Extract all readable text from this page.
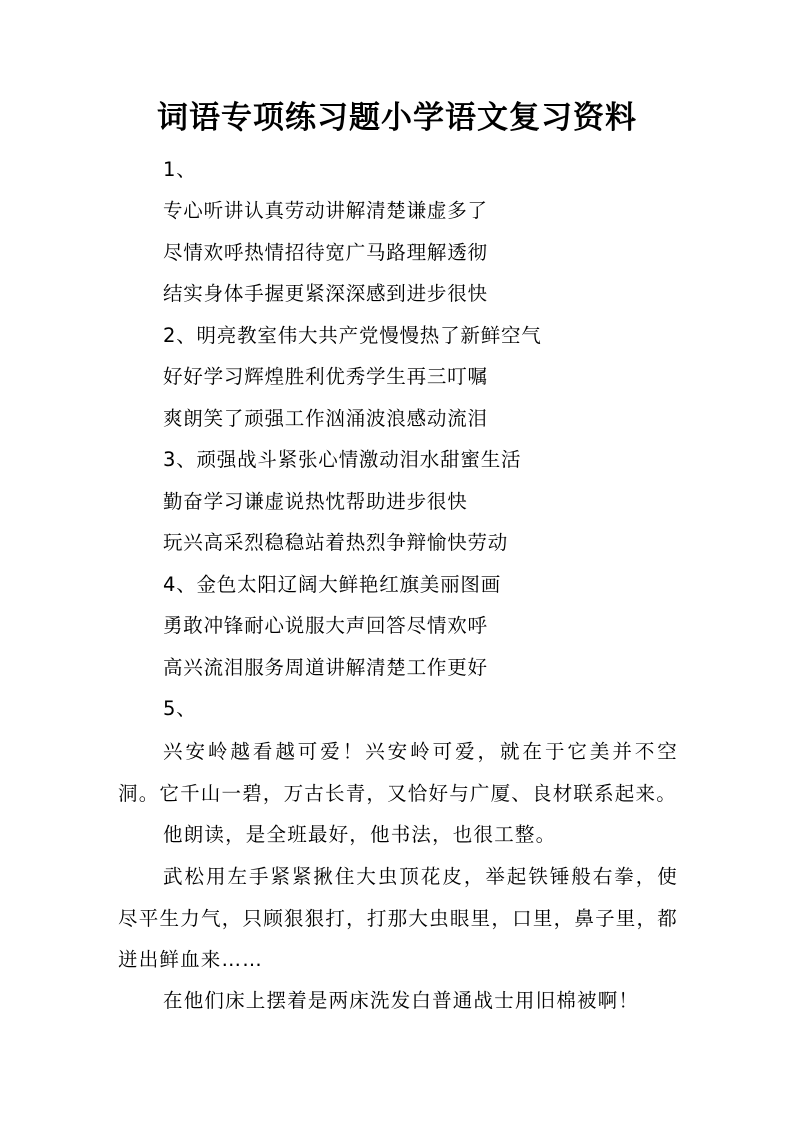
词语专项练习题小学语文复习资料
1、
专心听讲认真劳动讲解清楚谦虚多了
尽情欢呼热情招待宽广马路理解透彻
结实身体手握更紧深深感到进步很快
2、明亮教室伟大共产党慢慢热了新鲜空气
好好学习辉煌胜利优秀学生再三叮嘱
爽朗笑了顽强工作汹涌波浪感动流泪
3、顽强战斗紧张心情激动泪水甜蜜生活
勤奋学习谦虚说热忱帮助进步很快
玩兴高采烈稳稳站着热烈争辩愉快劳动
4、金色太阳辽阔大鲜艳红旗美丽图画
勇敢冲锋耐心说服大声回答尽情欢呼
高兴流泪服务周道讲解清楚工作更好
5、

兴安岭越看越可爱！兴安岭可爱，就在于它美并不空洞。它千山一碧，万古长青，又恰好与广厦、良材联系起来。

他朗读，是全班最好，他书法，也很工整。

武松用左手紧紧揪住大虫顶花皮，举起铁锤般右拳，使尽平生力气，只顾狠狠打，打那大虫眼里，口里，鼻子里，都迸出鲜血来……

在他们床上摆着是两床洗发白普通战士用旧棉被啊！
